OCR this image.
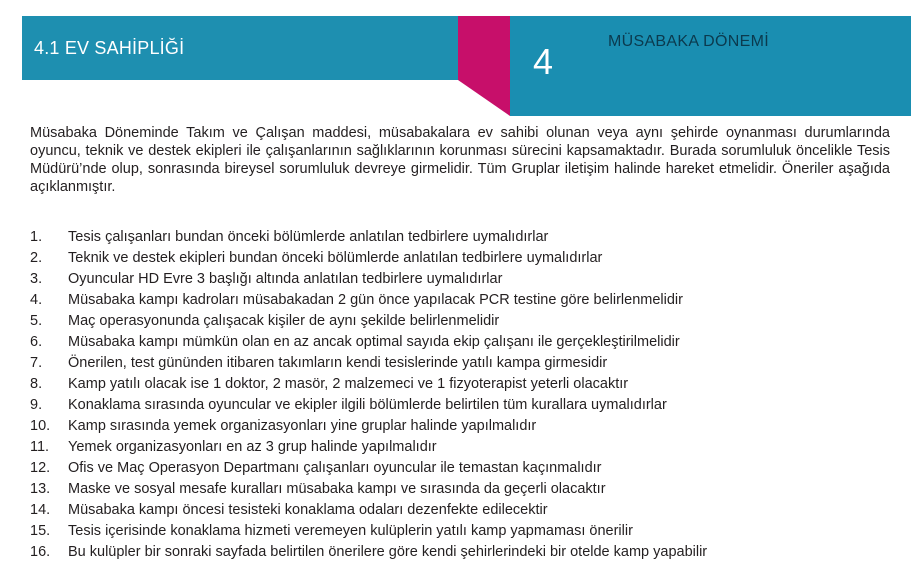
4.1 EV SAHİPLİĞİ	4	MÜSABAKA DÖNEMİ

Müsabaka Döneminde Takım ve Çalışan maddesi, müsabakalara ev sahibi olunan veya aynı şehirde oynanması durumlarında oyuncu, teknik ve destek ekipleri ile çalışanlarının sağlıklarının korunması sürecini kapsamaktadır. Burada sorumluluk öncelikle Tesis Müdürü’nde olup, sonrasında bireysel sorumluluk devreye girmelidir. Tüm Gruplar iletişim halinde hareket etmelidir. Öneriler aşağıda açıklanmıştır.

1.	Tesis çalışanları bundan önceki bölümlerde anlatılan tedbirlere uymalıdırlar
2.	Teknik ve destek ekipleri bundan önceki bölümlerde anlatılan tedbirlere uymalıdırlar
3.	Oyuncular HD Evre 3 başlığı altında anlatılan tedbirlere uymalıdırlar
4.	Müsabaka kampı kadroları müsabakadan 2 gün önce yapılacak PCR testine göre belirlenmelidir
5.	Maç operasyonunda çalışacak kişiler de aynı şekilde belirlenmelidir
6.	Müsabaka kampı mümkün olan en az ancak optimal sayıda ekip çalışanı ile gerçekleştirilmelidir
7.	Önerilen, test gününden itibaren takımların kendi tesislerinde yatılı kampa girmesidir
8.	Kamp yatılı olacak ise 1 doktor, 2 masör, 2 malzemeci ve 1 fizyoterapist yeterli olacaktır
9.	Konaklama sırasında oyuncular ve ekipler ilgili bölümlerde belirtilen tüm kurallara uymalıdırlar
10.	Kamp sırasında yemek organizasyonları yine gruplar halinde yapılmalıdır
11.	Yemek organizasyonları en az 3 grup halinde yapılmalıdır
12.	Ofis ve Maç Operasyon Departmanı çalışanları oyuncular ile temastan kaçınmalıdır
13.	Maske ve sosyal mesafe kuralları müsabaka kampı ve sırasında da geçerli olacaktır
14.	Müsabaka kampı öncesi tesisteki konaklama odaları dezenfekte edilecektir
15.	Tesis içerisinde konaklama hizmeti veremeyen kulüplerin yatılı kamp yapmaması önerilir
16.	Bu kulüpler bir sonraki sayfada belirtilen önerilere göre kendi şehirlerindeki bir otelde kamp yapabilir
